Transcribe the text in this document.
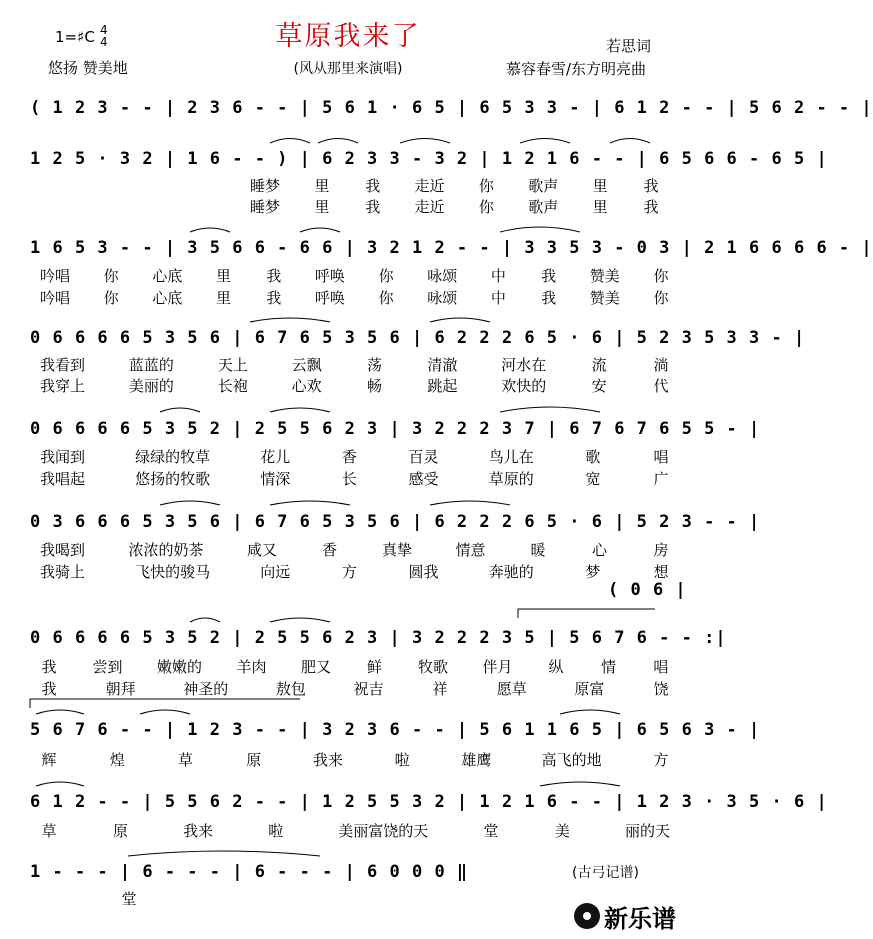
草原我来了
1=♯C 4
4	若思词
悠扬 赞美地	(风从那里来演唱)	慕容春雪/东方明亮曲
( 1 2 3 - - | 2 3 6 - - | 5 6 1 · 6 5 | 6 5 3 3 - | 6 1 2 - - | 5 6 2 - - |
1 2 5 · 3 2 | 1 6 - - ) | 6 2 3 3 - 3 2 | 1 2 1 6 - - | 6 5 6 6 - 6 5 |
睡梦 里 我 走近 你 歌声 里 我
睡梦 里 我 走近 你 歌声 里 我
1 6 5 3 - - | 3 5 6 6 - 6 6 | 3 2 1 2 - - | 3 3 5 3 - 0 3 | 2 1 6 6 6 6 - |
吟唱 你 心底 里 我 呼唤 你 咏颂 中 我 赞美 你
吟唱 你 心底 里 我 呼唤 你 咏颂 中 我 赞美 你
0 6 6 6 6 5 3 5 6 | 6 7 6 5 3 5 6 | 6 2 2 2 6 5 · 6 | 5 2 3 5 3 3 - |
我看到	蓝蓝的	天上	云飘	荡	清澈	河水在	流	淌
我穿上	美丽的	长袍	心欢	畅	跳起	欢快的	安	代
0 6 6 6 6 5 3 5 2 | 2 5 5 6 2 3 | 3 2 2 2 3 7 | 6 7 6 7 6 5 5 - |
我闻到	绿绿的牧草	花儿	香	百灵	鸟儿在	歌	唱
我唱起	悠扬的牧歌	情深	长	感受	草原的	宽	广
0 3 6 6 6 5 3 5 6 | 6 7 6 5 3 5 6 | 6 2 2 2 6 5 · 6 | 5 2 3 - - |
我喝到	浓浓的奶茶	咸又	香	真挚	情意	暖	心	房
我骑上	飞快的骏马	向远	方	圆我	奔驰的	梦	想
( 0 6 |
0 6 6 6 6 5 3 5 2 | 2 5 5 6 2 3 | 3 2 2 2 3 5 | 5 6 7 6 - - :|
我 尝到 嫩嫩的 羊肉 肥又 鲜 牧歌 伴月 纵 情 唱
我	朝拜	神圣的	敖包	祝吉	祥	愿草	原富	饶
5 6 7 6 - - | 1 2 3 - - | 3 2 3 6 - - | 5 6 1 1 6 5 | 6 5 6 3 - |
辉	煌	草	原	我来	啦	雄鹰	高飞的地	方
6 1 2 - - | 5 5 6 2 - - | 1 2 5 5 3 2 | 1 2 1 6 - - | 1 2 3 · 3 5 · 6 |
草	原	我来	啦	美丽富饶的天	堂	美	丽的天
1 - - - | 6 - - - | 6 - - - | 6 0 0 0 ‖
堂
(古弓记谱)
新乐谱
